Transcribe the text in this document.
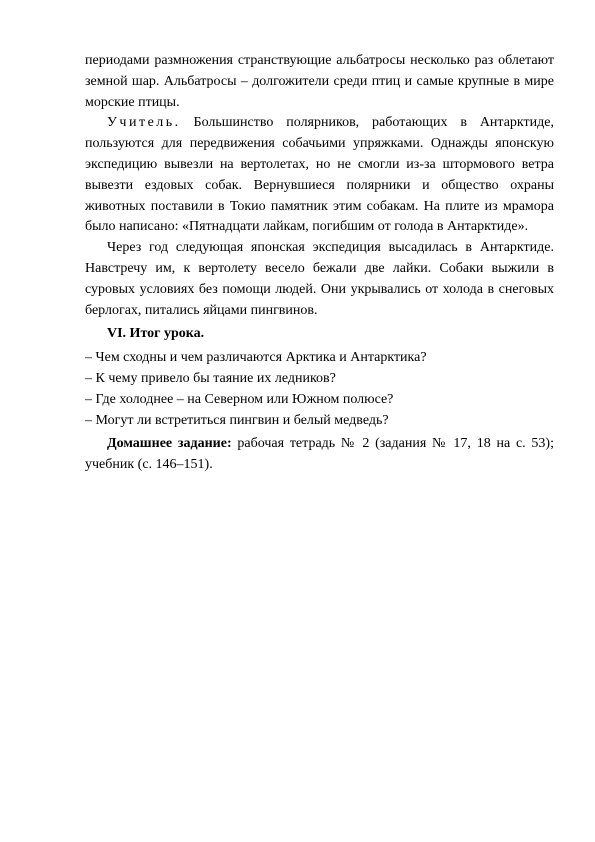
периодами размножения странствующие альбатросы несколько раз облетают земной шар. Альбатросы – долгожители среди птиц и самые крупные в мире морские птицы.

Учитель. Большинство полярников, работающих в Антарктиде, пользуются для передвижения собачьими упряжками. Однажды японскую экспедицию вывезли на вертолетах, но не смогли из-за штормового ветра вывезти ездовых собак. Вернувшиеся полярники и общество охраны животных поставили в Токио памятник этим собакам. На плите из мрамора было написано: «Пятнадцати лайкам, погибшим от голода в Антарктиде».

Через год следующая японская экспедиция высадилась в Антарктиде. Навстречу им, к вертолету весело бежали две лайки. Собаки выжили в суровых условиях без помощи людей. Они укрывались от холода в снеговых берлогах, питались яйцами пингвинов.

VI. Итог урока.

– Чем сходны и чем различаются Арктика и Антарктика?
– К чему привело бы таяние их ледников?
– Где холоднее – на Северном или Южном полюсе?
– Могут ли встретиться пингвин и белый медведь?

Домашнее задание: рабочая тетрадь № 2 (задания № 17, 18 на с. 53); учебник (с. 146–151).
